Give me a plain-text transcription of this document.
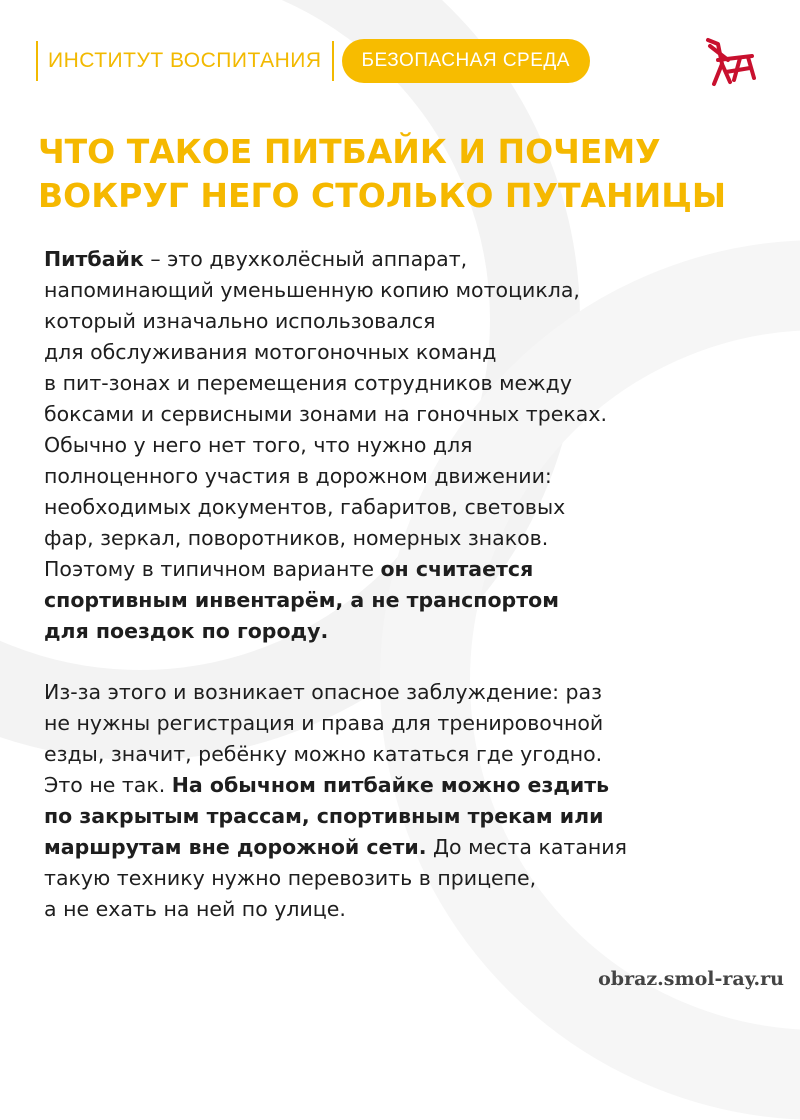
ИНСТИТУТ ВОСПИТАНИЯ	БЕЗОПАСНАЯ СРЕДА
ЧТО ТАКОЕ ПИТБАЙК И ПОЧЕМУ
ВОКРУГ НЕГО СТОЛЬКО ПУТАНИЦЫ

Питбайк – это двухколёсный аппарат,
напоминающий уменьшенную копию мотоцикла,
который изначально использовался
для обслуживания мотогоночных команд
в пит-зонах и перемещения сотрудников между
боксами и сервисными зонами на гоночных треках.
Обычно у него нет того, что нужно для
полноценного участия в дорожном движении:
необходимых документов, габаритов, световых
фар, зеркал, поворотников, номерных знаков.
Поэтому в типичном варианте он считается
спортивным инвентарём, а не транспортом
для поездок по городу.

Из-за этого и возникает опасное заблуждение: раз
не нужны регистрация и права для тренировочной
езды, значит, ребёнку можно кататься где угодно.
Это не так. На обычном питбайке можно ездить
по закрытым трассам, спортивным трекам или
маршрутам вне дорожной сети. До места катания
такую технику нужно перевозить в прицепе,
а не ехать на ней по улице.

obraz.smol-ray.ru
